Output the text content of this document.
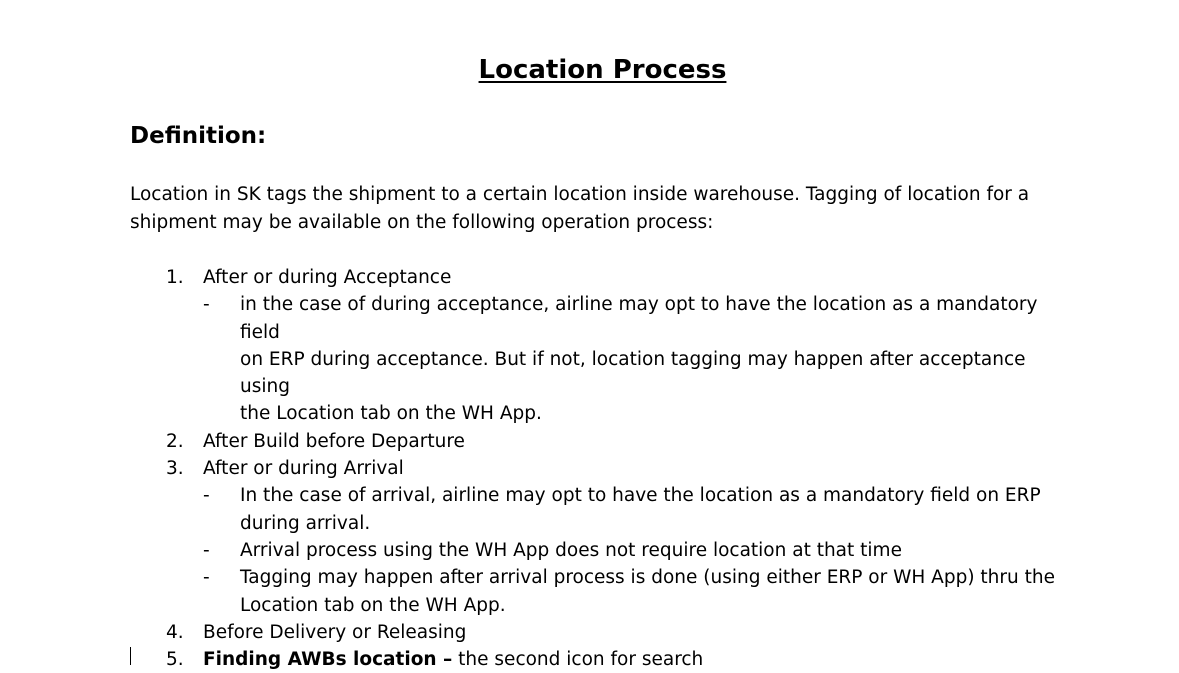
Location Process
Definition:

Location in SK tags the shipment to a certain location inside warehouse. Tagging of location for a
shipment may be available on the following operation process:

1. After or during Acceptance
- in the case of during acceptance, airline may opt to have the location as a mandatory field
on ERP during acceptance. But if not, location tagging may happen after acceptance using
the Location tab on the WH App.
2. After Build before Departure
3. After or during Arrival
- In the case of arrival, airline may opt to have the location as a mandatory field on ERP
during arrival.
- Arrival process using the WH App does not require location at that time
- Tagging may happen after arrival process is done (using either ERP or WH App) thru the
Location tab on the WH App.
4. Before Delivery or Releasing
5. Finding AWBs location – the second icon for search
